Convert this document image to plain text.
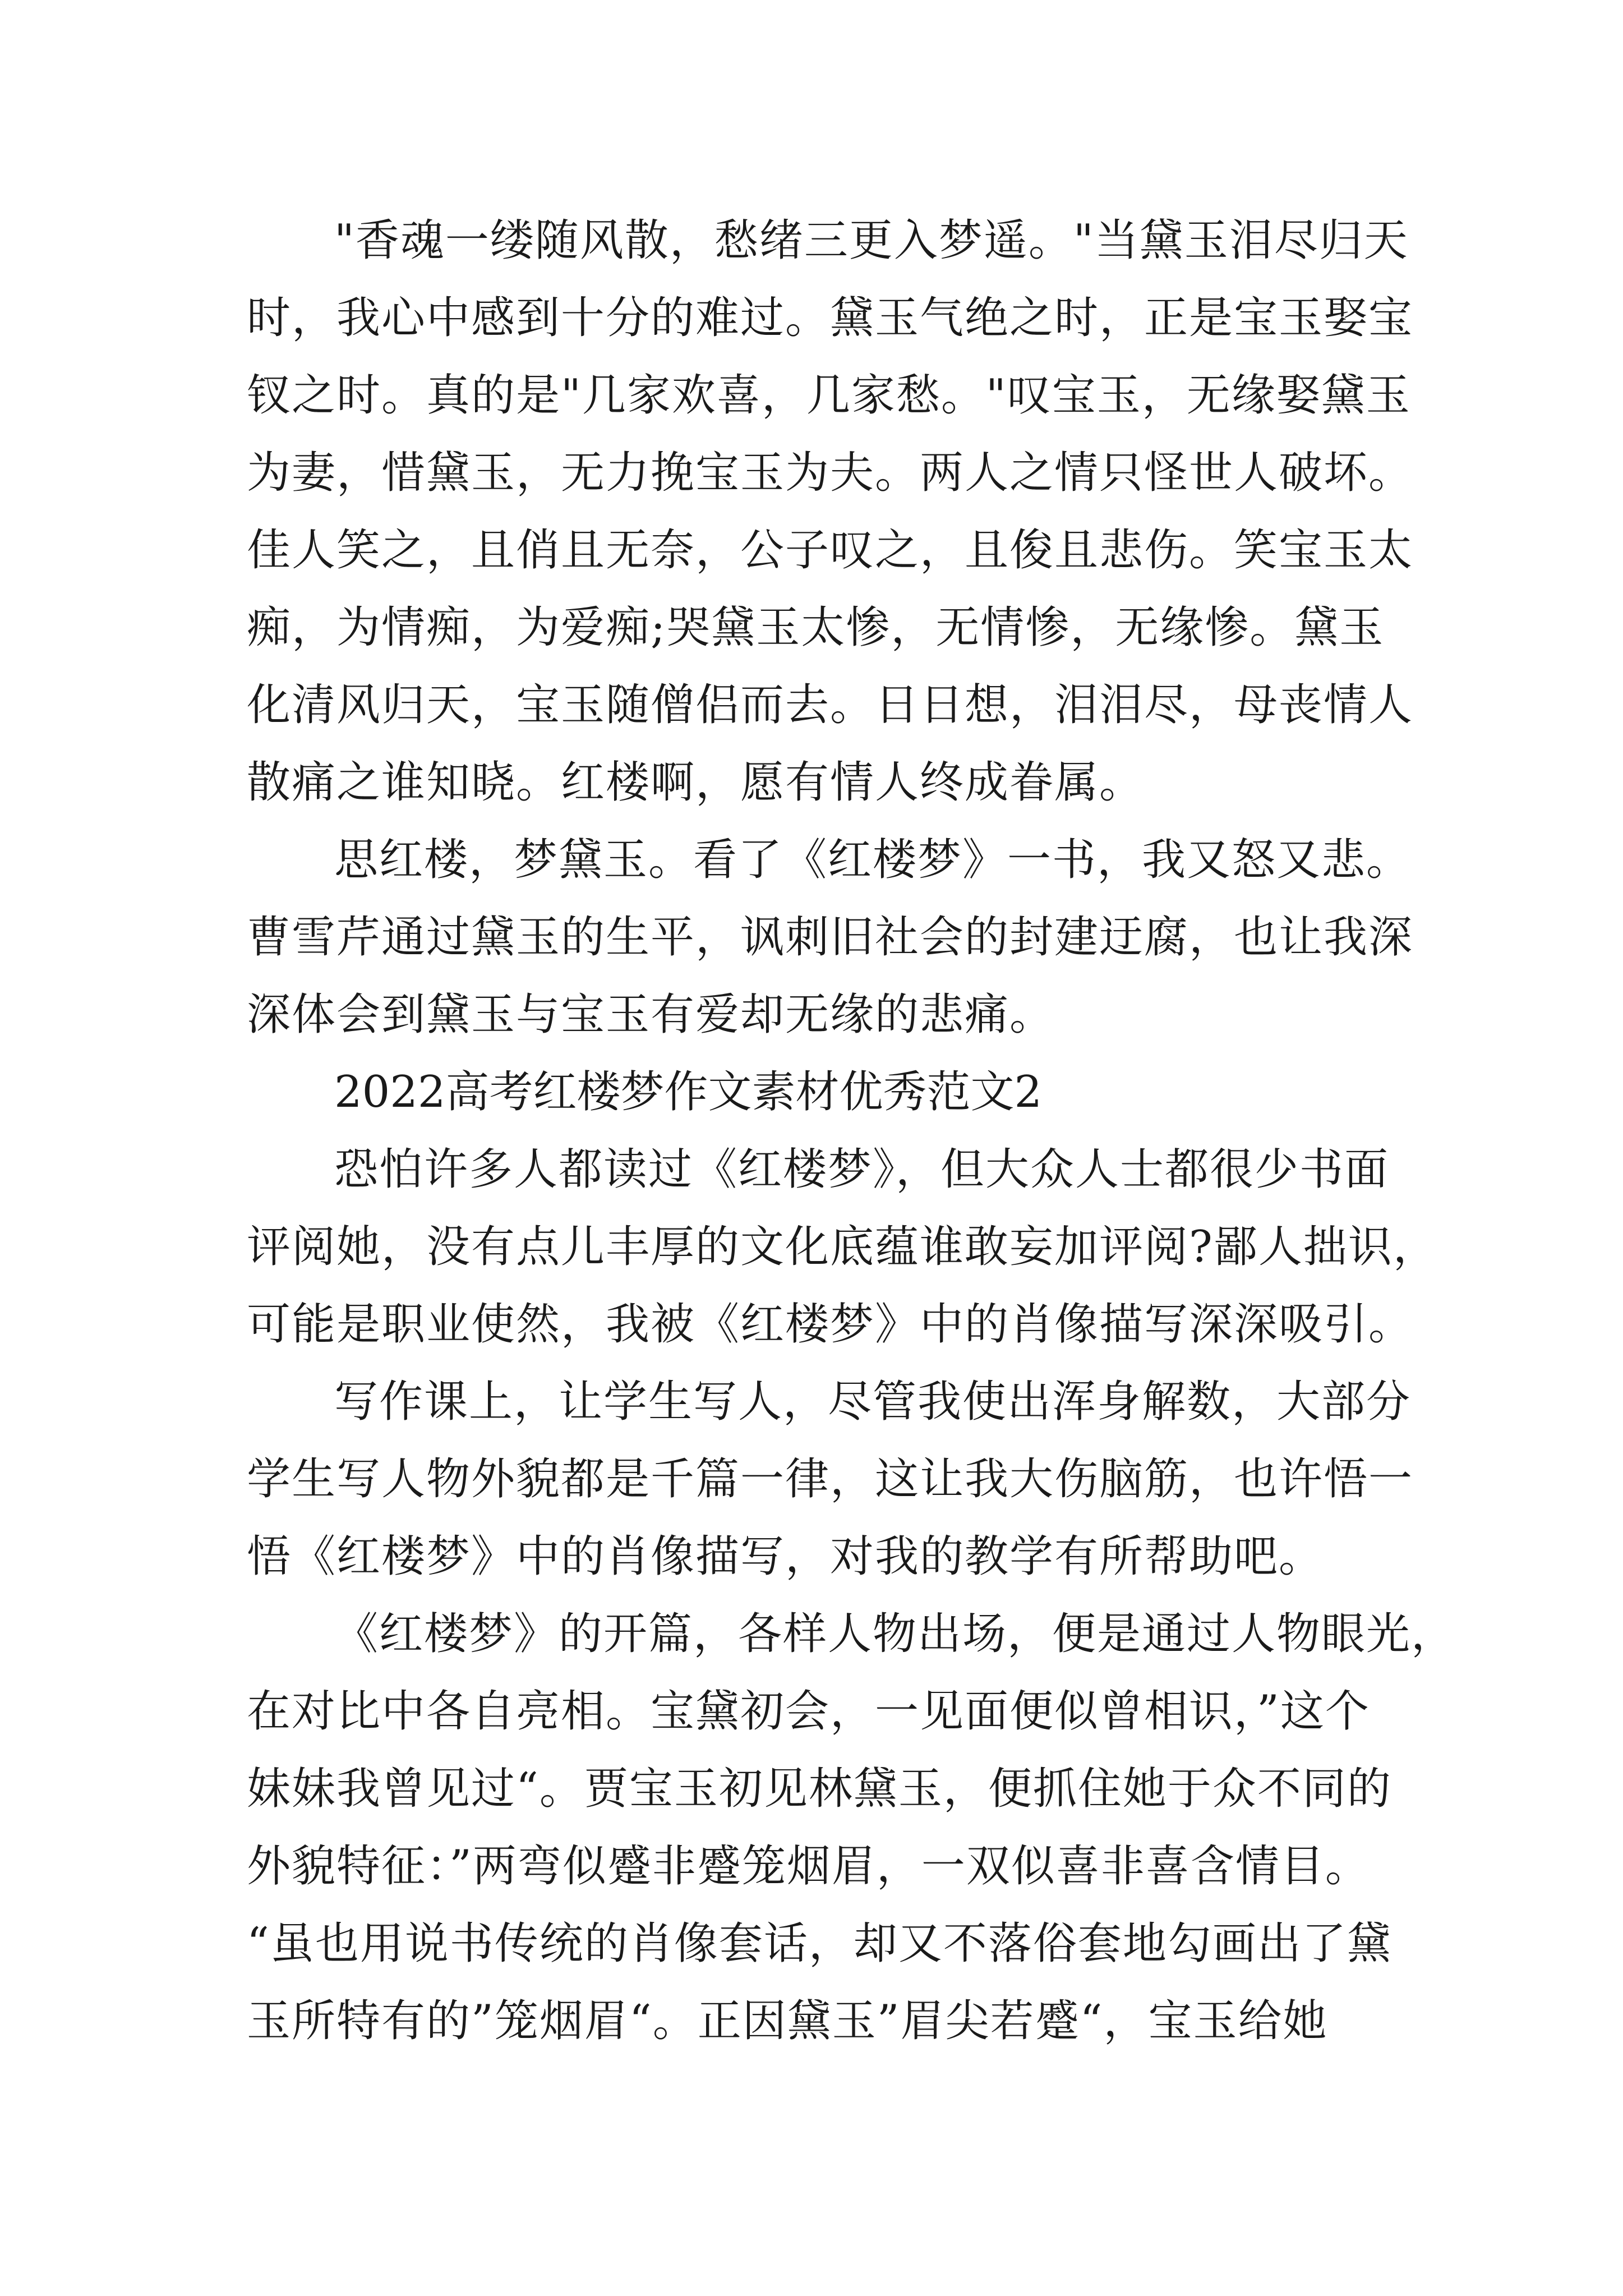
"香魂一缕随风散，愁绪三更入梦遥。"当黛玉泪尽归天
时，我心中感到十分的难过。黛玉气绝之时，正是宝玉娶宝
钗之时。真的是"几家欢喜，几家愁。"叹宝玉，无缘娶黛玉
为妻，惜黛玉，无力挽宝玉为夫。两人之情只怪世人破坏。
佳人笑之，且俏且无奈，公子叹之，且俊且悲伤。笑宝玉太
痴，为情痴，为爱痴;哭黛玉太惨，无情惨，无缘惨。黛玉
化清风归天，宝玉随僧侣而去。日日想，泪泪尽，母丧情人
散痛之谁知晓。红楼啊，愿有情人终成眷属。

思红楼，梦黛玉。看了《红楼梦》一书，我又怒又悲。
曹雪芹通过黛玉的生平，讽刺旧社会的封建迂腐，也让我深
深体会到黛玉与宝玉有爱却无缘的悲痛。

2022高考红楼梦作文素材优秀范文2

恐怕许多人都读过《红楼梦》，但大众人士都很少书面
评阅她，没有点儿丰厚的文化底蕴谁敢妄加评阅?鄙人拙识，
可能是职业使然，我被《红楼梦》中的肖像描写深深吸引。

写作课上，让学生写人，尽管我使出浑身解数，大部分
学生写人物外貌都是千篇一律，这让我大伤脑筋，也许悟一
悟《红楼梦》中的肖像描写，对我的教学有所帮助吧。

《红楼梦》的开篇，各样人物出场，便是通过人物眼光，
在对比中各自亮相。宝黛初会，一见面便似曾相识，”这个
妹妹我曾见过“。贾宝玉初见林黛玉，便抓住她于众不同的
外貌特征：”两弯似蹙非蹙笼烟眉，一双似喜非喜含情目。
“虽也用说书传统的肖像套话，却又不落俗套地勾画出了黛
玉所特有的”笼烟眉“。正因黛玉”眉尖若蹙“，宝玉给她
